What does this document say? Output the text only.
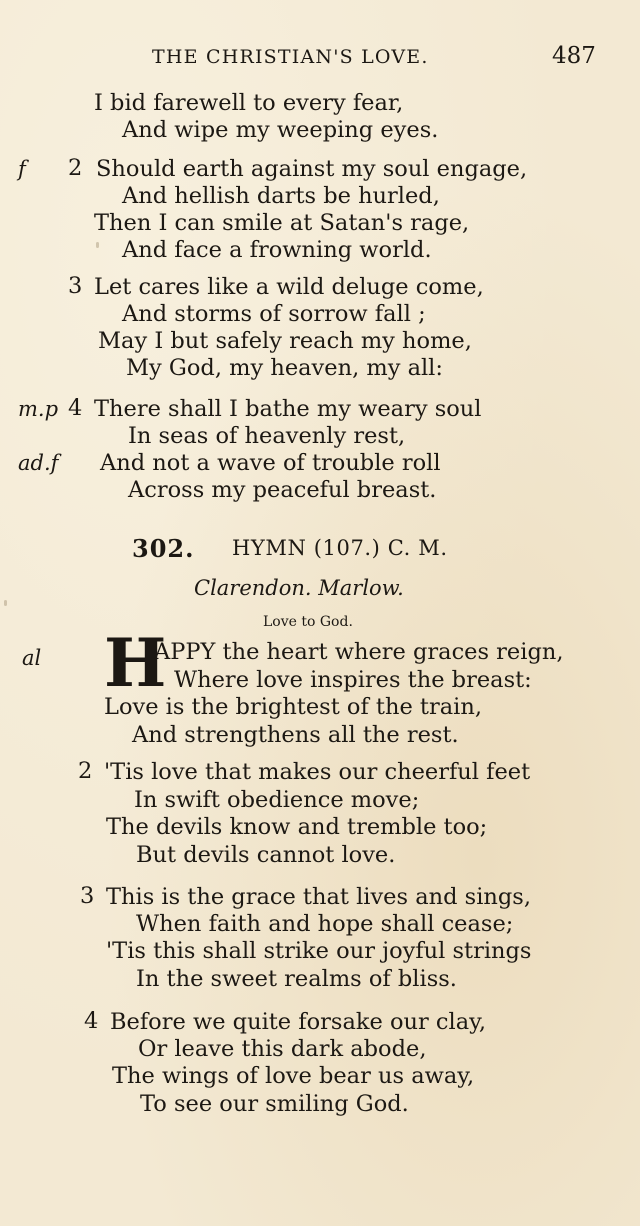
THE CHRISTIAN'S LOVE.	487
I bid farewell to every fear,
And wipe my weeping eyes.
f 2 Should earth against my soul engage,
And hellish darts be hurled,
Then I can smile at Satan's rage,
And face a frowning world.
3 Let cares like a wild deluge come,
And storms of sorrow fall ;
May I but safely reach my home,
My God, my heaven, my all:
m.p 4 There shall I bathe my weary soul
In seas of heavenly rest,
ad.f And not a wave of trouble roll
Across my peaceful breast.
302. HYMN (107.) C. M.
Clarendon. Marlow.
Love to God.
al H
APPY the heart where graces reign,
Where love inspires the breast:
Love is the brightest of the train,
And strengthens all the rest.
2 'Tis love that makes our cheerful feet
In swift obedience move;
The devils know and tremble too;
But devils cannot love.
3 This is the grace that lives and sings,
When faith and hope shall cease;
'Tis this shall strike our joyful strings
In the sweet realms of bliss.
4 Before we quite forsake our clay,
Or leave this dark abode,
The wings of love bear us away,
To see our smiling God.
